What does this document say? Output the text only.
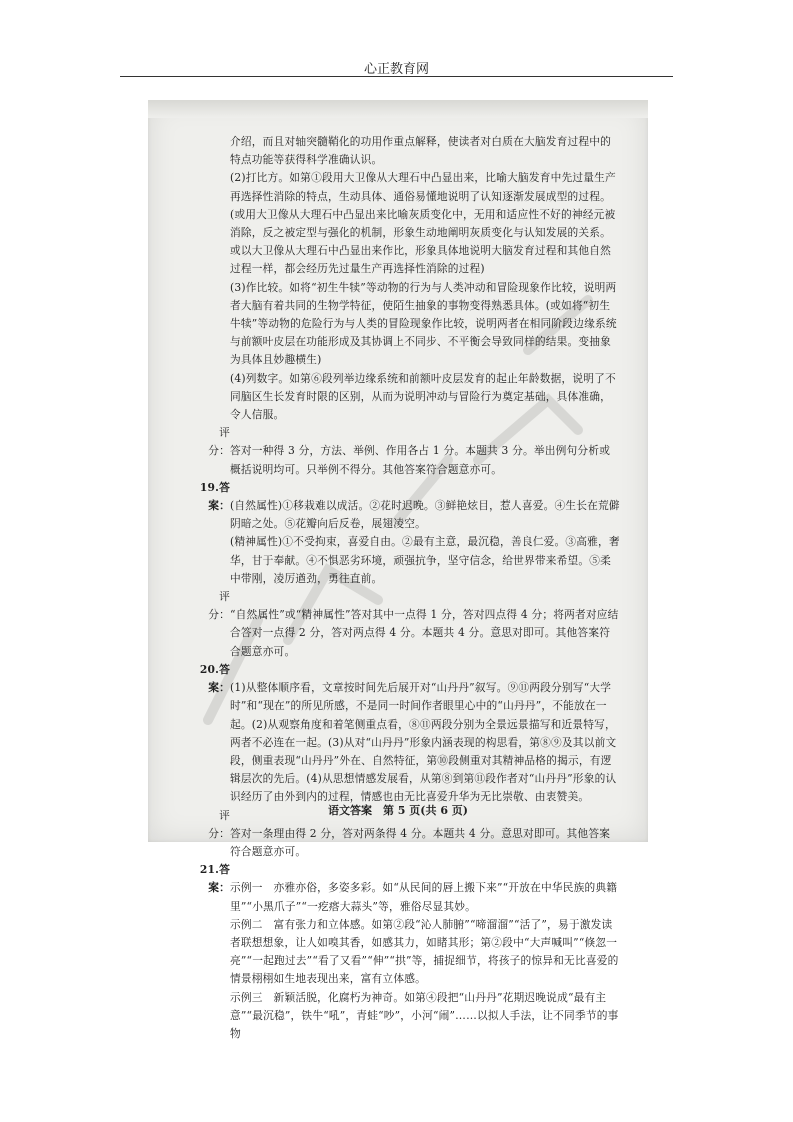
心正教育网

介绍，而且对轴突髓鞘化的功用作重点解释，使读者对白质在大脑发育过程中的特点功能等获得科学准确认识。

(2)打比方。如第①段用大卫像从大理石中凸显出来，比喻大脑发育中先过量生产再选择性消除的特点，生动具体、通俗易懂地说明了认知逐渐发展成型的过程。(或用大卫像从大理石中凸显出来比喻灰质变化中，无用和适应性不好的神经元被消除，反之被定型与强化的机制，形象生动地阐明灰质变化与认知发展的关系。或以大卫像从大理石中凸显出来作比，形象具体地说明大脑发育过程和其他自然过程一样，都会经历先过量生产再选择性消除的过程)

(3)作比较。如将“初生牛犊”等动物的行为与人类冲动和冒险现象作比较，说明两者大脑有着共同的生物学特征，使陌生抽象的事物变得熟悉具体。(或如将“初生牛犊”等动物的危险行为与人类的冒险现象作比较，说明两者在相同阶段边缘系统与前额叶皮层在功能形成及其协调上不同步、不平衡会导致同样的结果。变抽象为具体且妙趣横生)

(4)列数字。如第⑥段列举边缘系统和前额叶皮层发育的起止年龄数据，说明了不同脑区生长发育时限的区别，从而为说明冲动与冒险行为奠定基础，具体准确，令人信服。

评分：答对一种得 3 分，方法、举例、作用各占 1 分。本题共 3 分。举出例句分析或概括说明均可。只举例不得分。其他答案符合题意亦可。

19.答案：(自然属性)①移栽难以成活。②花时迟晚。③鲜艳炫目，惹人喜爱。④生长在荒僻阴暗之处。⑤花瓣向后反卷，展翅凌空。

(精神属性)①不受拘束，喜爱自由。②最有主意，最沉稳，善良仁爱。③高雅，奢华，甘于奉献。④不惧恶劣环境，顽强抗争，坚守信念，给世界带来希望。⑤柔中带刚，凌厉遒劲，勇往直前。

评分：“自然属性”或“精神属性”答对其中一点得 1 分，答对四点得 4 分；将两者对应结合答对一点得 2 分，答对两点得 4 分。本题共 4 分。意思对即可。其他答案符合题意亦可。

20.答案：(1)从整体顺序看，文章按时间先后展开对“山丹丹”叙写。⑨⑪两段分别写“大学时”和“现在”的所见所感，不是同一时间作者眼里心中的“山丹丹”，不能放在一起。(2)从观察角度和着笔侧重点看，⑧⑪两段分别为全景远景描写和近景特写，两者不必连在一起。(3)从对“山丹丹”形象内涵表现的构思看，第⑧⑨及其以前文段，侧重表现“山丹丹”外在、自然特征，第⑩段侧重对其精神品格的揭示，有逻辑层次的先后。(4)从思想情感发展看，从第⑧到第⑪段作者对“山丹丹”形象的认识经历了由外到内的过程，情感也由无比喜爱升华为无比崇敬、由衷赞美。

评分：答对一条理由得 2 分，答对两条得 4 分。本题共 4 分。意思对即可。其他答案符合题意亦可。

21.答案：示例一　亦雅亦俗，多姿多彩。如“从民间的唇上搬下来”“开放在中华民族的典籍里”“小黑爪子”“一疙瘩大蒜头”等，雅俗尽显其妙。

示例二　富有张力和立体感。如第②段“沁人肺腑”“啼溜溜”“活了”，易于激发读者联想想象，让人如嗅其香，如感其力，如睹其形；第②段中“大声喊叫”“倏忽一亮”“一起跑过去”“看了又看”“伸”“拱”等，捕捉细节，将孩子的惊异和无比喜爱的情景栩栩如生地表现出来，富有立体感。

示例三　新颖活脱，化腐朽为神奇。如第④段把“山丹丹”花期迟晚说成“最有主意”“最沉稳”，铁牛“吼”，青蛙“吵”，小河“闹”……以拟人手法，让不同季节的事物

语文答案　第 5 页(共 6 页)
